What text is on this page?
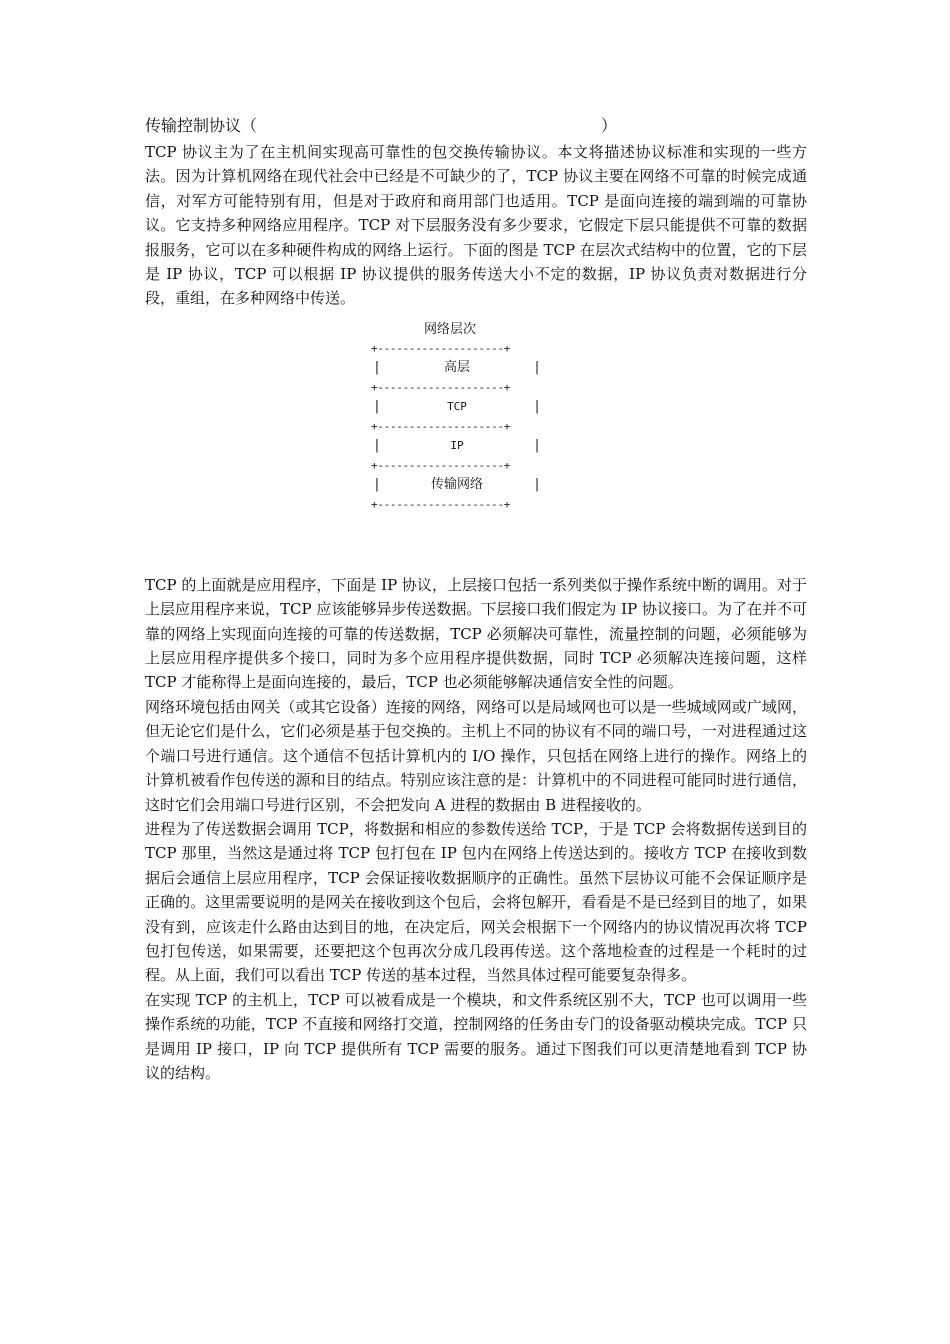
传输控制协议（	）

TCP 协议主为了在主机间实现高可靠性的包交换传输协议。本文将描述协议标准和实现的一些方法。因为计算机网络在现代社会中已经是不可缺少的了，TCP 协议主要在网络不可靠的时候完成通信，对军方可能特别有用，但是对于政府和商用部门也适用。TCP 是面向连接的端到端的可靠协议。它支持多种网络应用程序。TCP 对下层服务没有多少要求，它假定下层只能提供不可靠的数据报服务，它可以在多种硬件构成的网络上运行。下面的图是 TCP 在层次式结构中的位置，它的下层是 IP 协议，TCP 可以根据 IP 协议提供的服务传送大小不定的数据，IP 协议负责对数据进行分段，重组，在多种网络中传送。

网络层次
+--------------------+
|	高层	|
+--------------------+
|	TCP	|
+--------------------+
|	IP	|
+--------------------+
|	传输网络	|
+--------------------+

TCP 的上面就是应用程序，下面是 IP 协议，上层接口包括一系列类似于操作系统中断的调用。对于上层应用程序来说，TCP 应该能够异步传送数据。下层接口我们假定为 IP 协议接口。为了在并不可靠的网络上实现面向连接的可靠的传送数据，TCP 必须解决可靠性，流量控制的问题，必须能够为上层应用程序提供多个接口，同时为多个应用程序提供数据，同时 TCP 必须解决连接问题，这样 TCP 才能称得上是面向连接的，最后，TCP 也必须能够解决通信安全性的问题。

网络环境包括由网关（或其它设备）连接的网络，网络可以是局域网也可以是一些城域网或广域网，但无论它们是什么，它们必须是基于包交换的。主机上不同的协议有不同的端口号，一对进程通过这个端口号进行通信。这个通信不包括计算机内的 I/O 操作，只包括在网络上进行的操作。网络上的计算机被看作包传送的源和目的结点。特别应该注意的是：计算机中的不同进程可能同时进行通信，这时它们会用端口号进行区别，不会把发向 A 进程的数据由 B 进程接收的。

进程为了传送数据会调用 TCP，将数据和相应的参数传送给 TCP，于是 TCP 会将数据传送到目的 TCP 那里，当然这是通过将 TCP 包打包在 IP 包内在网络上传送达到的。接收方 TCP 在接收到数据后会通信上层应用程序，TCP 会保证接收数据顺序的正确性。虽然下层协议可能不会保证顺序是正确的。这里需要说明的是网关在接收到这个包后，会将包解开，看看是不是已经到目的地了，如果没有到，应该走什么路由达到目的地，在决定后，网关会根据下一个网络内的协议情况再次将 TCP 包打包传送，如果需要，还要把这个包再次分成几段再传送。这个落地检查的过程是一个耗时的过程。从上面，我们可以看出 TCP 传送的基本过程，当然具体过程可能要复杂得多。

在实现 TCP 的主机上，TCP 可以被看成是一个模块，和文件系统区别不大，TCP 也可以调用一些操作系统的功能，TCP 不直接和网络打交道，控制网络的任务由专门的设备驱动模块完成。TCP 只是调用 IP 接口，IP 向 TCP 提供所有 TCP 需要的服务。通过下图我们可以更清楚地看到 TCP 协议的结构。
